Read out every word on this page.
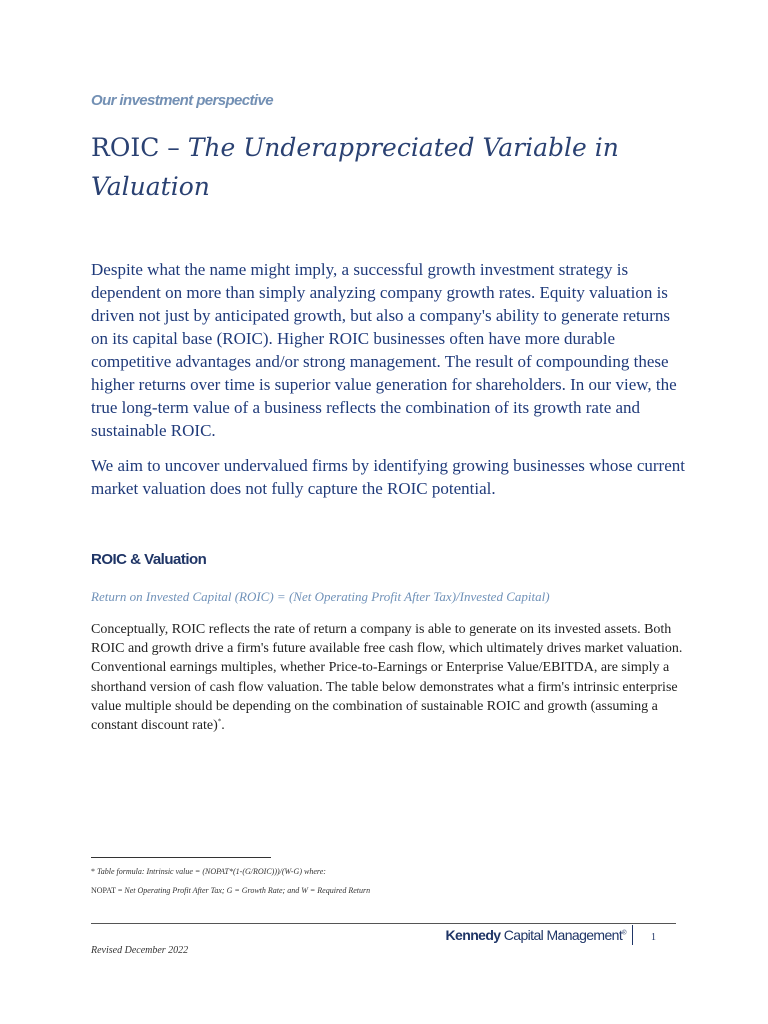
Our investment perspective
ROIC – The Underappreciated Variable in Valuation

Despite what the name might imply, a successful growth investment strategy is dependent on more than simply analyzing company growth rates. Equity valuation is driven not just by anticipated growth, but also a company's ability to generate returns on its capital base (ROIC). Higher ROIC businesses often have more durable competitive advantages and/or strong management. The result of compounding these higher returns over time is superior value generation for shareholders. In our view, the true long-term value of a business reflects the combination of its growth rate and sustainable ROIC.

We aim to uncover undervalued firms by identifying growing businesses whose current market valuation does not fully capture the ROIC potential.

ROIC & Valuation
Return on Invested Capital (ROIC) = (Net Operating Profit After Tax)/Invested Capital)

Conceptually, ROIC reflects the rate of return a company is able to generate on its invested assets. Both ROIC and growth drive a firm's future available free cash flow, which ultimately drives market valuation. Conventional earnings multiples, whether Price-to-Earnings or Enterprise Value/EBITDA, are simply a shorthand version of cash flow valuation. The table below demonstrates what a firm's intrinsic enterprise value multiple should be depending on the combination of sustainable ROIC and growth (assuming a constant discount rate)*.

* Table formula: Intrinsic value = (NOPAT*(1-(G/ROIC)))/(W-G) where:
NOPAT = Net Operating Profit After Tax; G = Growth Rate; and W = Required Return
Kennedy Capital Management®	1
Revised December 2022
